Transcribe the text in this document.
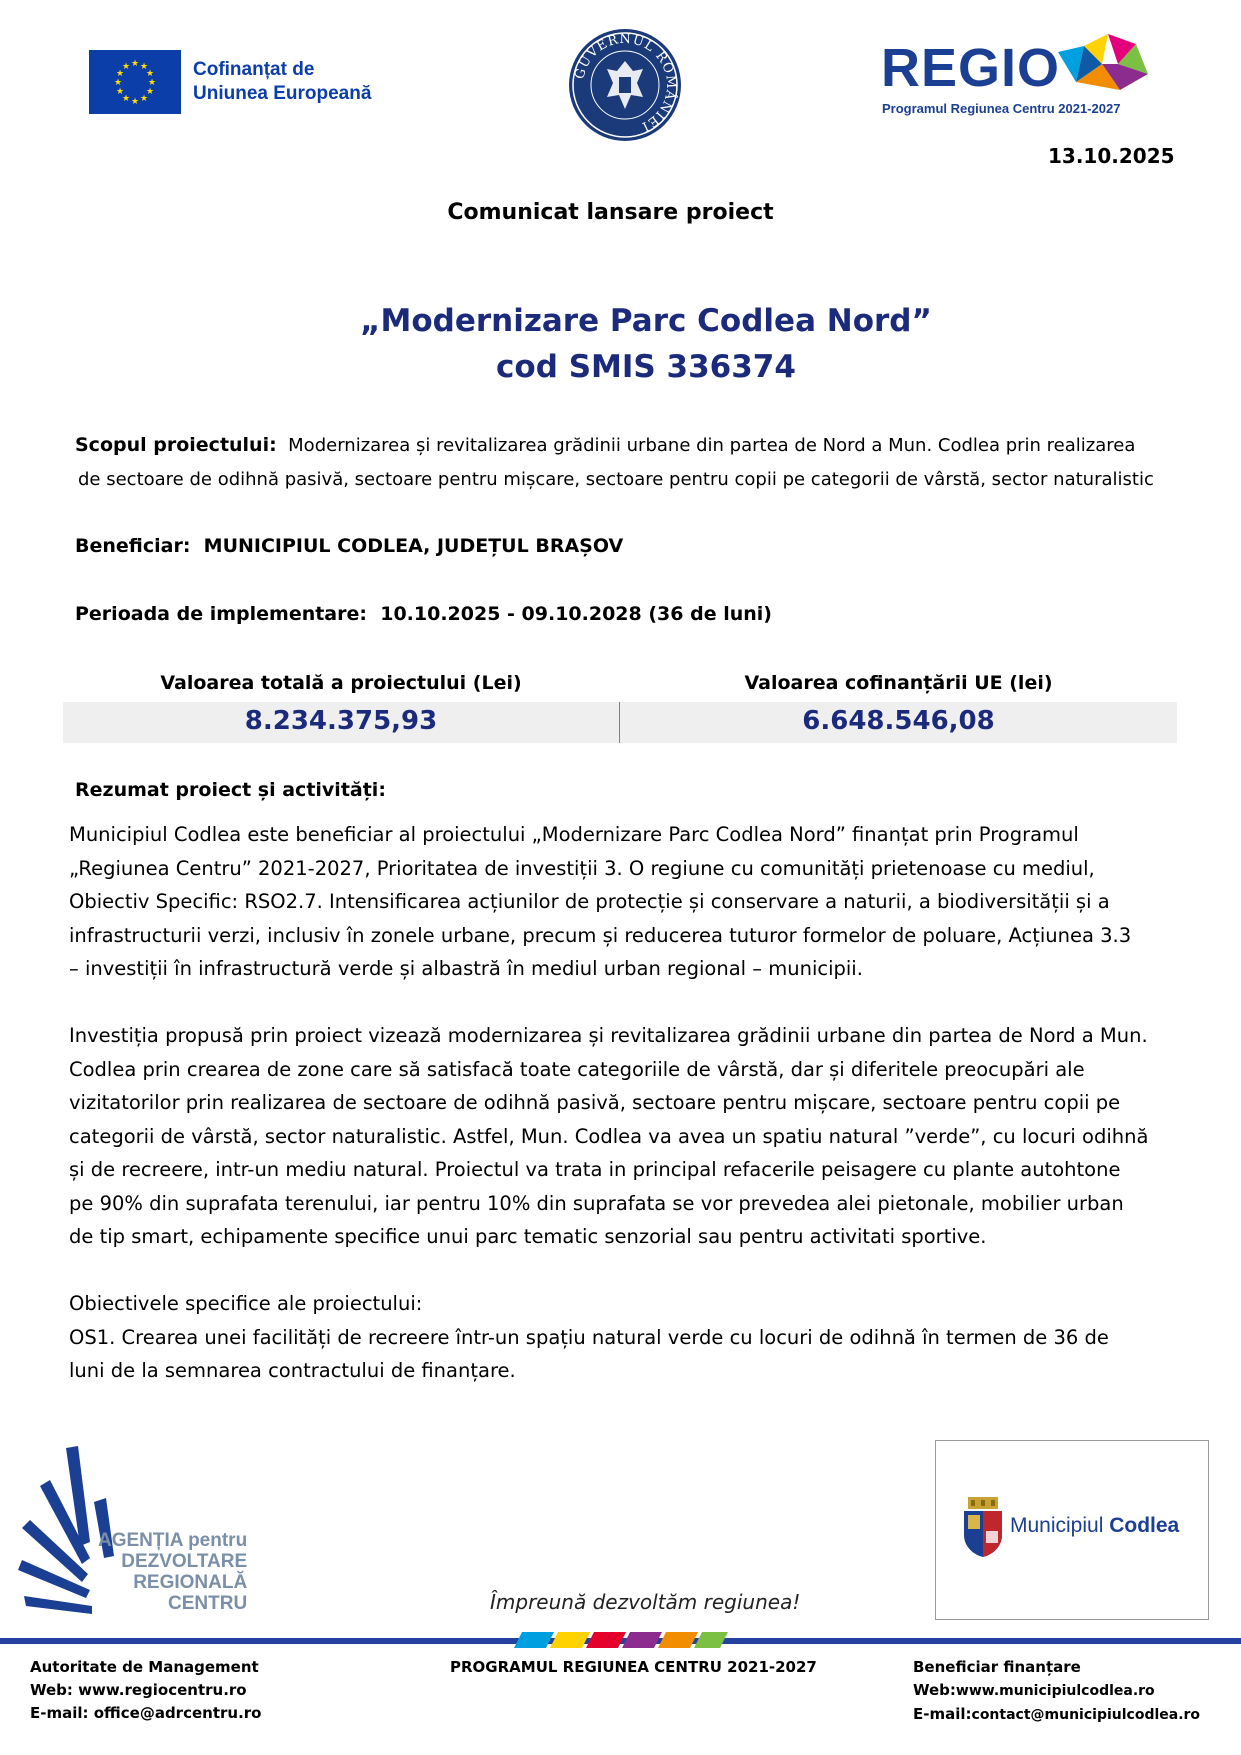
★ ★
★
★
★
★
★
★
★
★
★
★	Cofinanțat de
Uniunea Europeană
GUVERNUL ROMÂNIEI
REGIO
Programul Regiunea Centru 2021-2027
13.10.2025
Comunicat lansare proiect
„Modernizare Parc Codlea Nord”
cod SMIS 336374
Scopul proiectului: Modernizarea și revitalizarea grădinii urbane din partea de Nord a Mun. Codlea prin realizarea
de sectoare de odihnă pasivă, sectoare pentru mișcare, sectoare pentru copii pe categorii de vârstă, sector naturalistic
Beneficiar: MUNICIPIUL CODLEA, JUDEȚUL BRAȘOV
Perioada de implementare: 10.10.2025 - 09.10.2028 (36 de luni)
Valoarea totală a proiectului (Lei)	Valoarea cofinanțării UE (lei)
8.234.375,93	6.648.546,08
Rezumat proiect și activități:
Municipiul Codlea este beneficiar al proiectului „Modernizare Parc Codlea Nord” finanțat prin Programul
„Regiunea Centru” 2021-2027, Prioritatea de investiții 3. O regiune cu comunități prietenoase cu mediul,
Obiectiv Specific: RSO2.7. Intensificarea acțiunilor de protecție și conservare a naturii, a biodiversității și a
infrastructurii verzi, inclusiv în zonele urbane, precum și reducerea tuturor formelor de poluare, Acțiunea 3.3
– investiții în infrastructură verde și albastră în mediul urban regional – municipii.
Investiția propusă prin proiect vizează modernizarea și revitalizarea grădinii urbane din partea de Nord a Mun.
Codlea prin crearea de zone care să satisfacă toate categoriile de vârstă, dar și diferitele preocupări ale
vizitatorilor prin realizarea de sectoare de odihnă pasivă, sectoare pentru mișcare, sectoare pentru copii pe
categorii de vârstă, sector naturalistic. Astfel, Mun. Codlea va avea un spatiu natural ”verde”, cu locuri odihnă
și de recreere, intr-un mediu natural. Proiectul va trata in principal refacerile peisagere cu plante autohtone
pe 90% din suprafata terenului, iar pentru 10% din suprafata se vor prevedea alei pietonale, mobilier urban
de tip smart, echipamente specifice unui parc tematic senzorial sau pentru activitati sportive.
Obiectivele specifice ale proiectului:
OS1. Crearea unei facilități de recreere într-un spațiu natural verde cu locuri de odihnă în termen de 36 de
luni de la semnarea contractului de finanțare.
AGENȚIA pentru
DEZVOLTARE
REGIONALĂ
CENTRU	Împreună dezvoltăm regiunea!
Municipiul Codlea
Autoritate de Management
Web: www.regiocentru.ro
E-mail: office@adrcentru.ro
PROGRAMUL REGIUNEA CENTRU 2021-2027	Beneficiar finanțare
Web:www.municipiulcodlea.ro
E-mail:contact@municipiulcodlea.ro
